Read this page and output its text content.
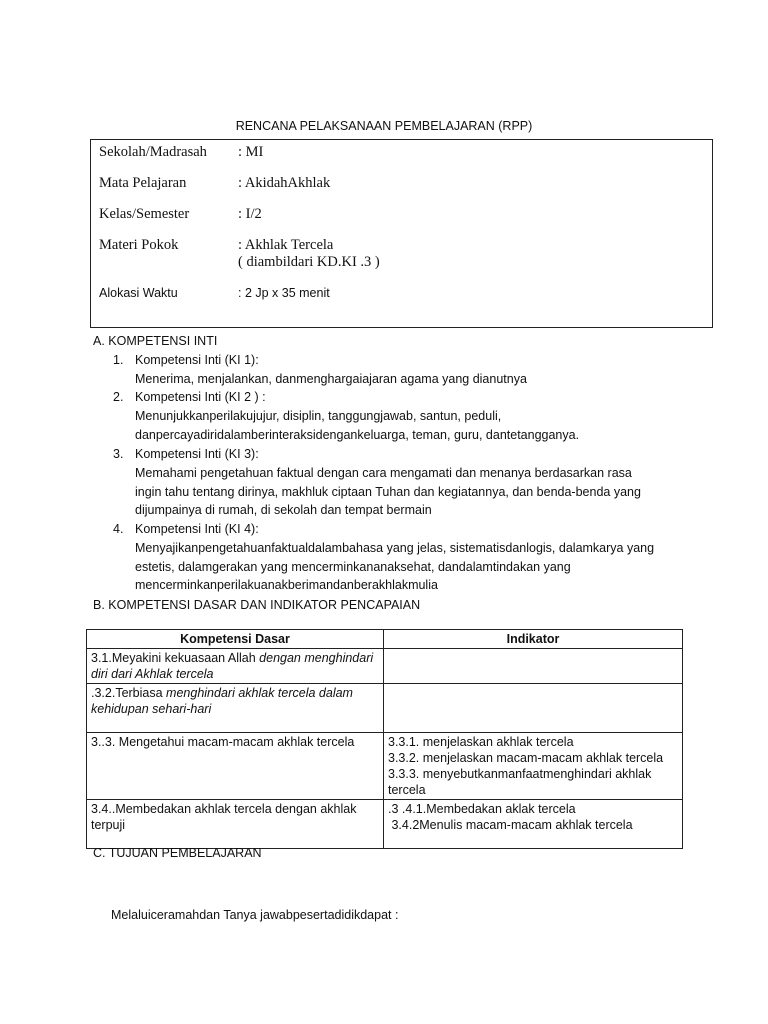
RENCANA PELAKSANAAN PEMBELAJARAN (RPP)
Sekolah/Madrasah : MI
Mata Pelajaran	: AkidahAkhlak
Kelas/Semester	: I/2
Materi Pokok	: Akhlak Tercela
( diambildari KD.KI .3 )
Alokasi Waktu	: 2 Jp x 35 menit
A. KOMPETENSI INTI
1. Kompetensi Inti (KI 1):
Menerima, menjalankan, danmenghargaiajaran agama yang dianutnya
2. Kompetensi Inti (KI 2 ) :
Menunjukkanperilakujujur, disiplin, tanggungjawab, santun, peduli,
danpercayadiridalamberinteraksidengankeluarga, teman, guru, dantetangganya.
3. Kompetensi Inti (KI 3):
Memahami pengetahuan faktual dengan cara mengamati dan menanya berdasarkan rasa
ingin tahu tentang dirinya, makhluk ciptaan Tuhan dan kegiatannya, dan benda-benda yang
dijumpainya di rumah, di sekolah dan tempat bermain
4. Kompetensi Inti (KI 4):
Menyajikanpengetahuanfaktualdalambahasa yang jelas, sistematisdanlogis, dalamkarya yang
estetis, dalamgerakan yang mencerminkananaksehat, dandalamtindakan yang
mencerminkanperilakuanakberimandanberakhlakmulia
B. KOMPETENSI DASAR DAN INDIKATOR PENCAPAIAN
Kompetensi Dasar	Indikator
3.1.Meyakini kekuasaan Allah dengan menghindari diri dari Akhlak tercela	
.3.2.Terbiasa menghindari akhlak tercela dalam kehidupan sehari-hari	
3..3. Mengetahui macam-macam akhlak tercela	3.3.1. menjelaskan akhlak tercela
3.3.2. menjelaskan macam-macam akhlak tercela
3.3.3. menyebutkanmanfaatmenghindari akhlak tercela

3.4..Membedakan akhlak tercela dengan akhlak terpuji	.3 .4.1.Membedakan aklak tercela
3.4.2Menulis macam-macam akhlak tercela
C. TUJUAN PEMBELAJARAN
Melaluiceramahdan Tanya jawabpesertadidikdapat :
